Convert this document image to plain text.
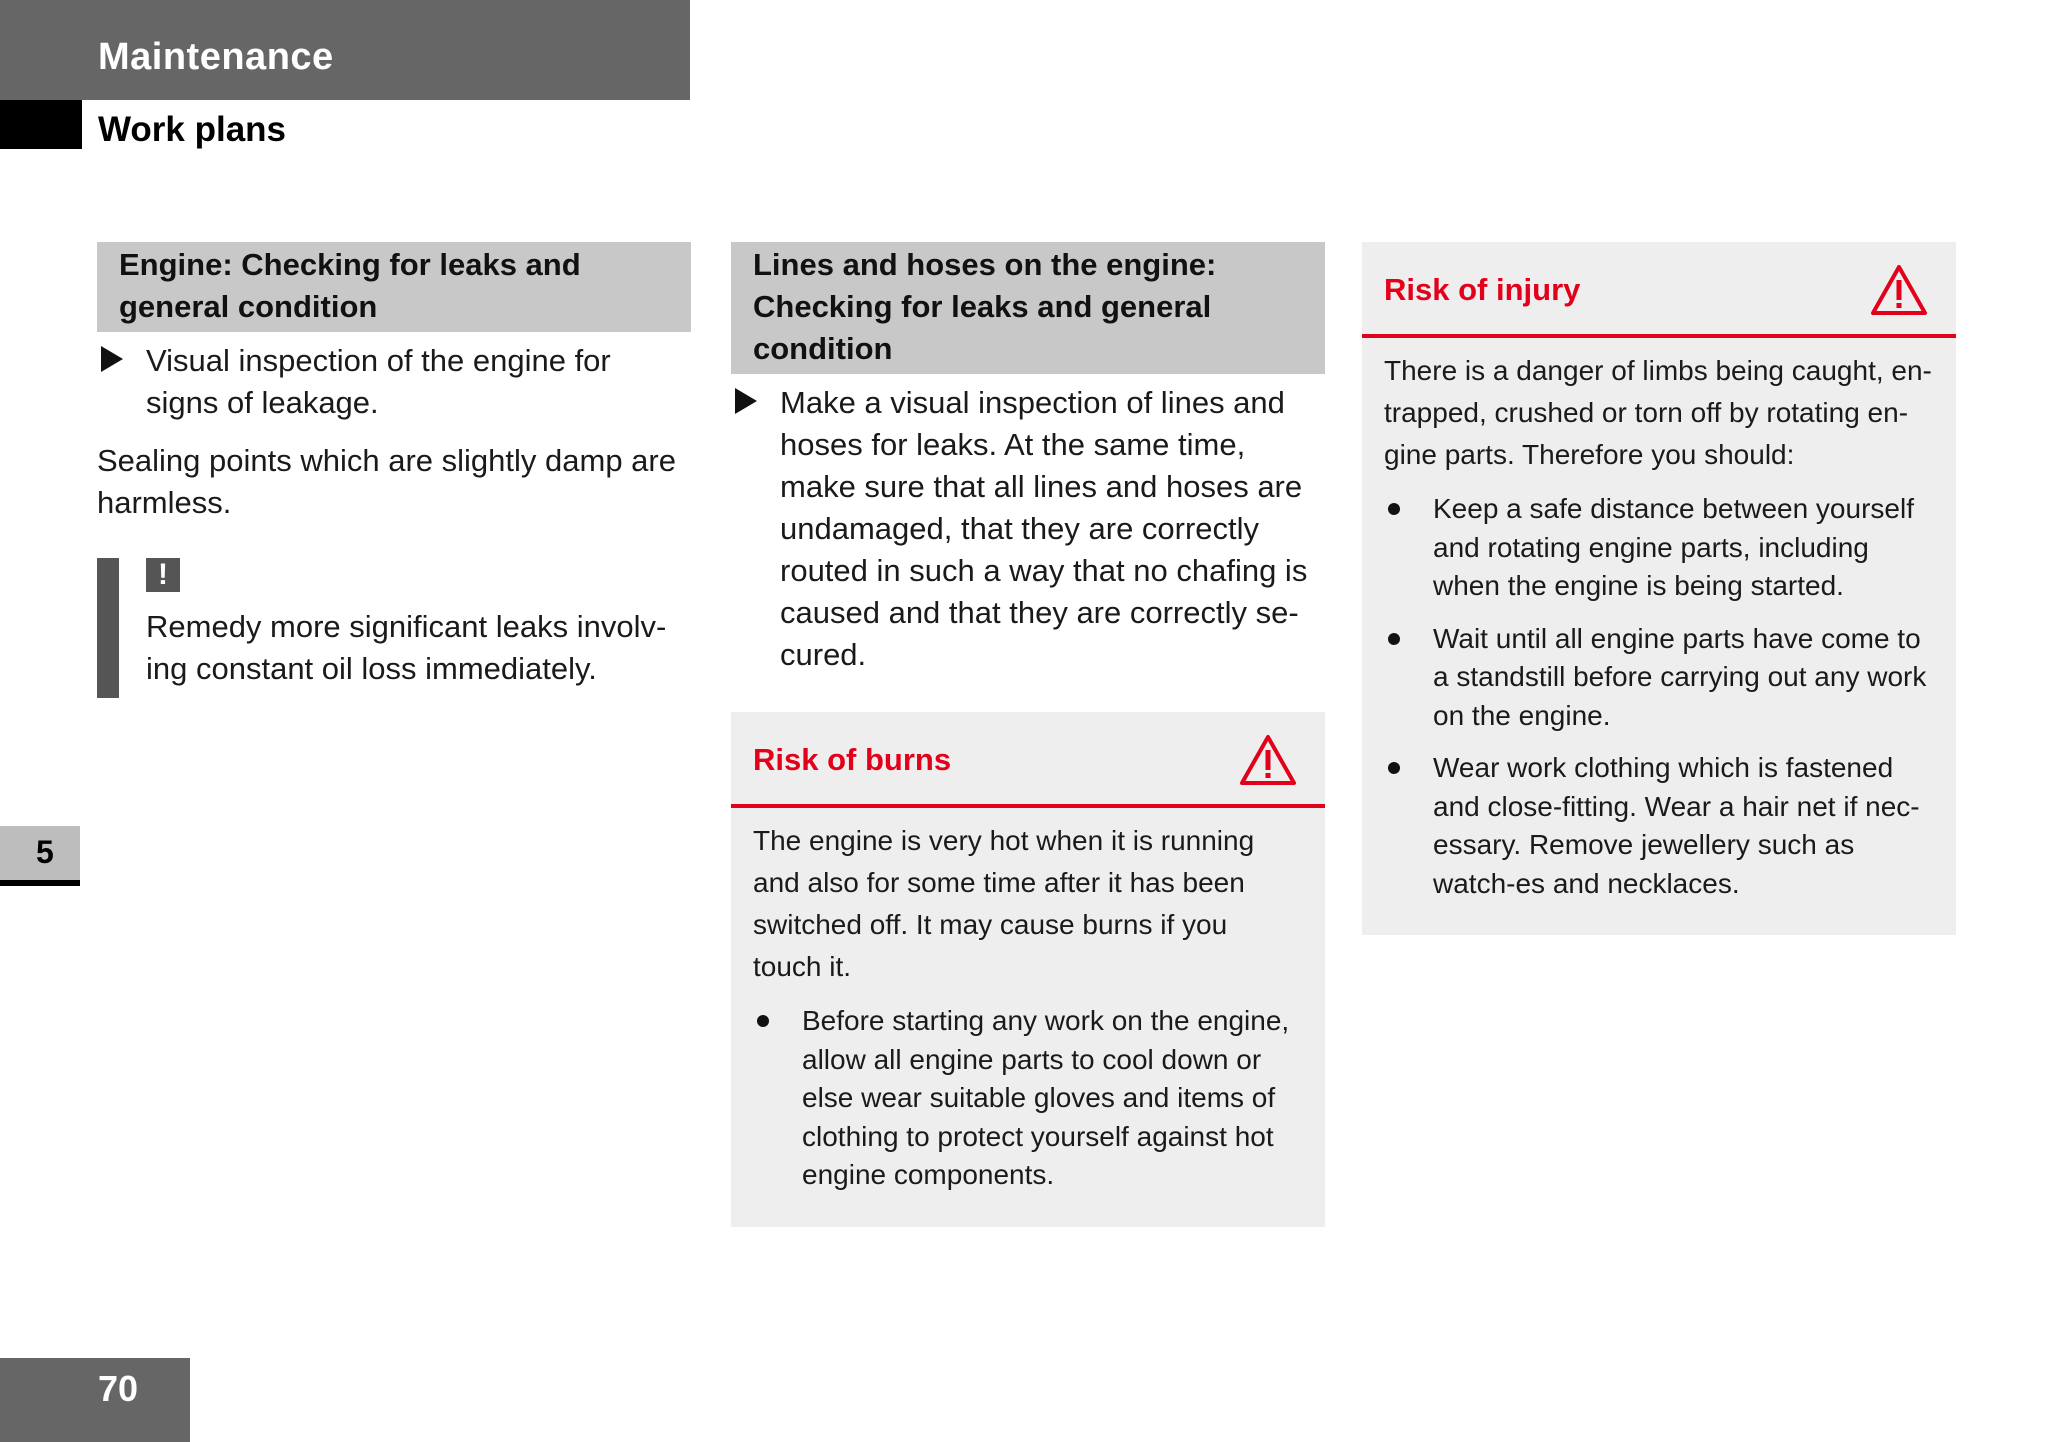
Maintenance
Work plans
5
Engine: Checking for leaks and general condition
Visual inspection of the engine for signs of leakage.
Sealing points which are slightly damp are harmless.
!
Remedy more significant leaks involv-ing constant oil loss immediately.
Lines and hoses on the engine: Checking for leaks and general condition
Make a visual inspection of lines and hoses for leaks. At the same time, make sure that all lines and hoses are undamaged, that they are correctly routed in such a way that no chafing is caused and that they are correctly se-cured.
Risk of burns
The engine is very hot when it is running and also for some time after it has been switched off. It may cause burns if you touch it.
Before starting any work on the engine, allow all engine parts to cool down or else wear suitable gloves and items of clothing to protect yourself against hot engine components.
Risk of injury
There is a danger of limbs being caught, en-trapped, crushed or torn off by rotating en-gine parts. Therefore you should:
Keep a safe distance between yourself and rotating engine parts, including when the engine is being started.
Wait until all engine parts have come to a standstill before carrying out any work on the engine.
Wear work clothing which is fastened and close-fitting. Wear a hair net if nec-essary. Remove jewellery such as watch-es and necklaces.
70
